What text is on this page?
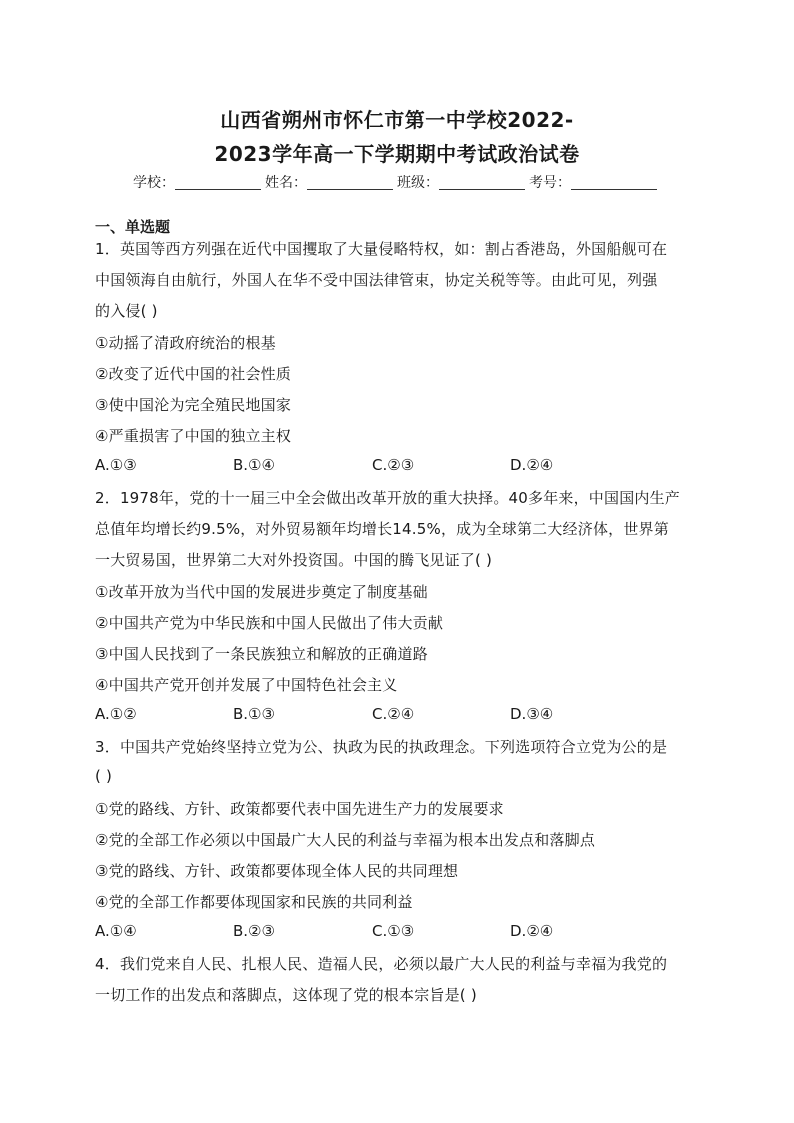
山西省朔州市怀仁市第一中学校2022-
2023学年高一下学期期中考试政治试卷
学校：	姓名：	班级：	考号：
一、单选题
1．英国等西方列强在近代中国攫取了大量侵略特权，如：割占香港岛，外国船舰可在
中国领海自由航行，外国人在华不受中国法律管束，协定关税等等。由此可见，列强
的入侵( )
①动摇了清政府统治的根基
②改变了近代中国的社会性质
③使中国沦为完全殖民地国家
④严重损害了中国的独立主权
A.①③	B.①④	C.②③	D.②④
2．1978年，党的十一届三中全会做出改革开放的重大抉择。40多年来，中国国内生产
总值年均增长约9.5%，对外贸易额年均增长14.5%，成为全球第二大经济体，世界第
一大贸易国，世界第二大对外投资国。中国的腾飞见证了( )
①改革开放为当代中国的发展进步奠定了制度基础
②中国共产党为中华民族和中国人民做出了伟大贡献
③中国人民找到了一条民族独立和解放的正确道路
④中国共产党开创并发展了中国特色社会主义
A.①②	B.①③	C.②④	D.③④
3．中国共产党始终坚持立党为公、执政为民的执政理念。下列选项符合立党为公的是
( )
①党的路线、方针、政策都要代表中国先进生产力的发展要求
②党的全部工作必须以中国最广大人民的利益与幸福为根本出发点和落脚点
③党的路线、方针、政策都要体现全体人民的共同理想
④党的全部工作都要体现国家和民族的共同利益
A.①④	B.②③	C.①③	D.②④
4．我们党来自人民、扎根人民、造福人民，必须以最广大人民的利益与幸福为我党的
一切工作的出发点和落脚点，这体现了党的根本宗旨是( )
